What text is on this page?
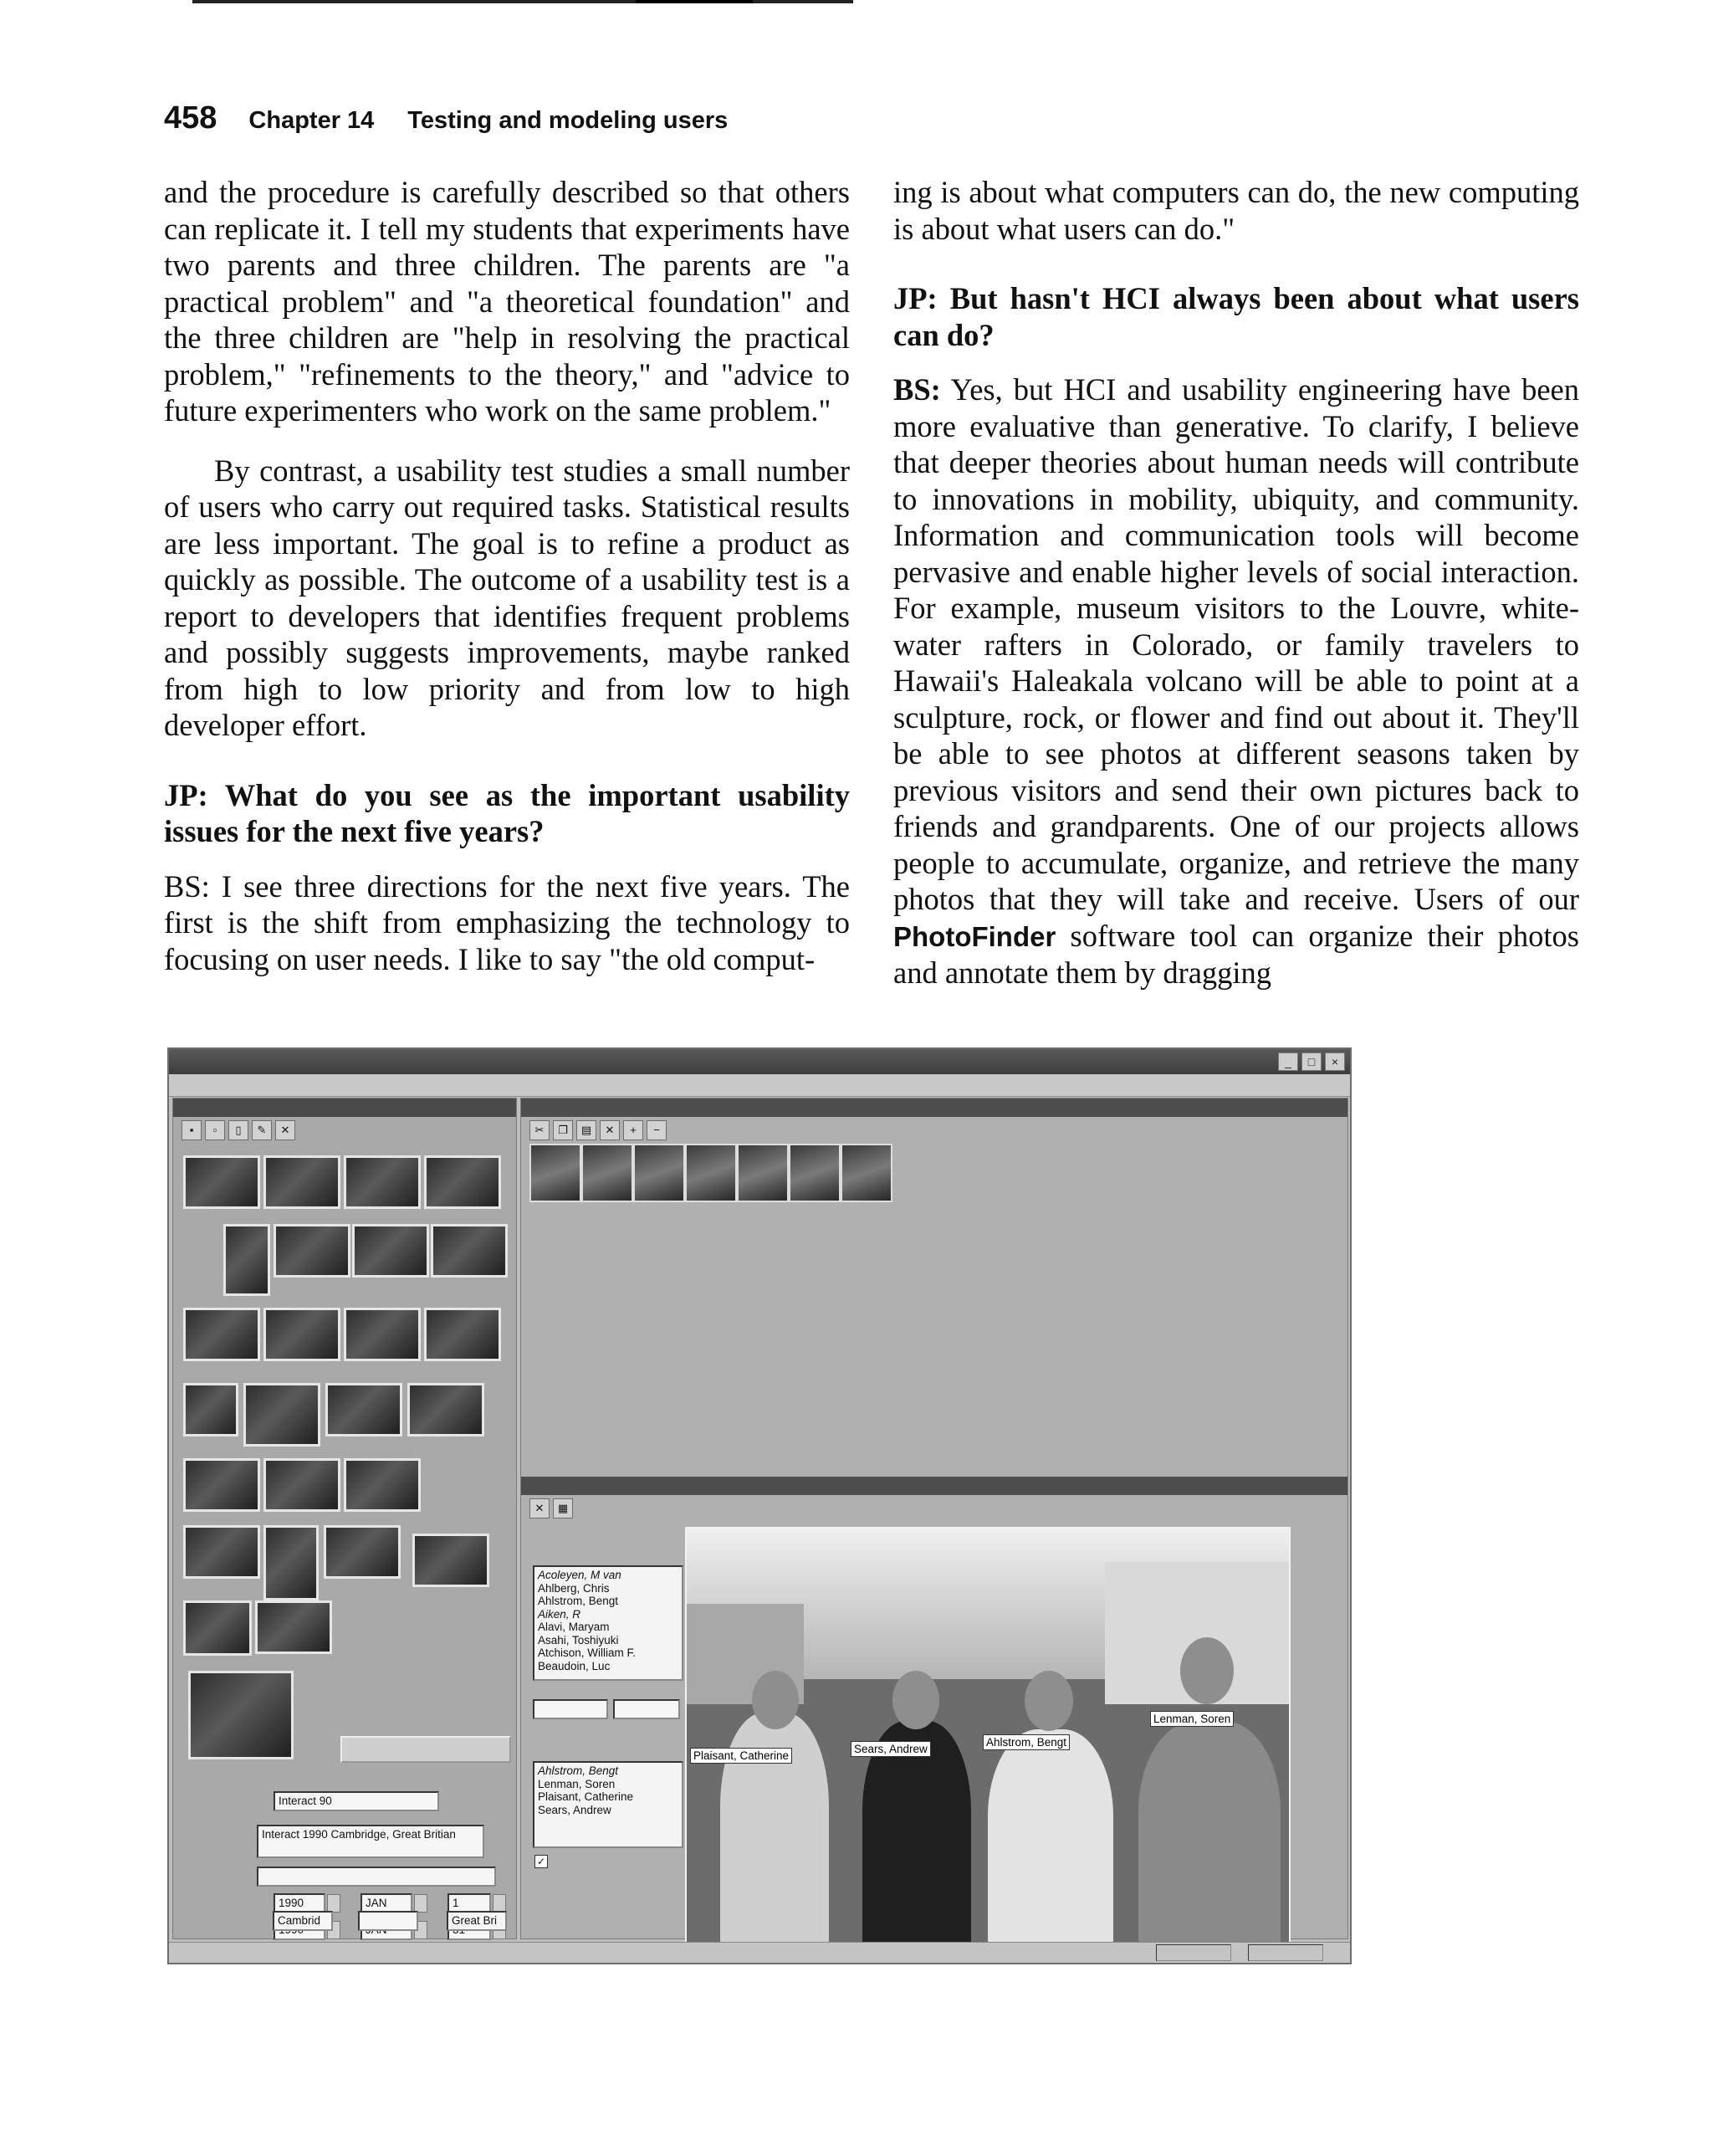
458 Chapter 14 Testing and modeling users

and the procedure is carefully described so that others can replicate it. I tell my students that experiments have two parents and three children. The parents are "a practical problem" and "a theoretical foundation" and the three children are "help in resolving the practical problem," "refinements to the theory," and "advice to future experimenters who work on the same problem."

By contrast, a usability test studies a small number of users who carry out required tasks. Statistical results are less important. The goal is to refine a product as quickly as possible. The outcome of a usability test is a report to developers that identifies frequent problems and possibly suggests improvements, maybe ranked from high to low priority and from low to high developer effort.

JP: What do you see as the important usability issues for the next five years?

BS: I see three directions for the next five years. The first is the shift from emphasizing the technology to focusing on user needs. I like to say "the old comput-

ing is about what computers can do, the new computing is about what users can do."

JP: But hasn't HCI always been about what users can do?

BS: Yes, but HCI and usability engineering have been more evaluative than generative. To clarify, I believe that deeper theories about human needs will contribute to innovations in mobility, ubiquity, and community. Information and communication tools will become pervasive and enable higher levels of social interaction. For example, museum visitors to the Louvre, white-water rafters in Colorado, or family travelers to Hawaii's Haleakala volcano will be able to point at a sculpture, rock, or flower and find out about it. They'll be able to see photos at different seasons taken by previous visitors and send their own pictures back to friends and grandparents. One of our projects allows people to accumulate, organize, and retrieve the many photos that they will take and receive. Users of our PhotoFinder software tool can organize their photos and annotate them by dragging

_	□	×
▪	▫	▯	✎	✕
Interact 90
Interact 1990 Cambridge, Great Britian
1990	JAN	1
✂	❐	▤	✕	+	−
✕	▦
Acoleyen, M van
Ahlberg, Chris
Ahlstrom, Bengt
Aiken, R
Alavi, Maryam
Asahi, Toshiyuki
Atchison, William F.
Beaudoin, Luc
Ahlstrom, Bengt
Lenman, Soren
Plaisant, Catherine
Sears, Andrew
✓
Plaisant, Catherine
Sears, Andrew
Ahlstrom, Bengt
Lenman, Soren
Cambrid	Great Bri
